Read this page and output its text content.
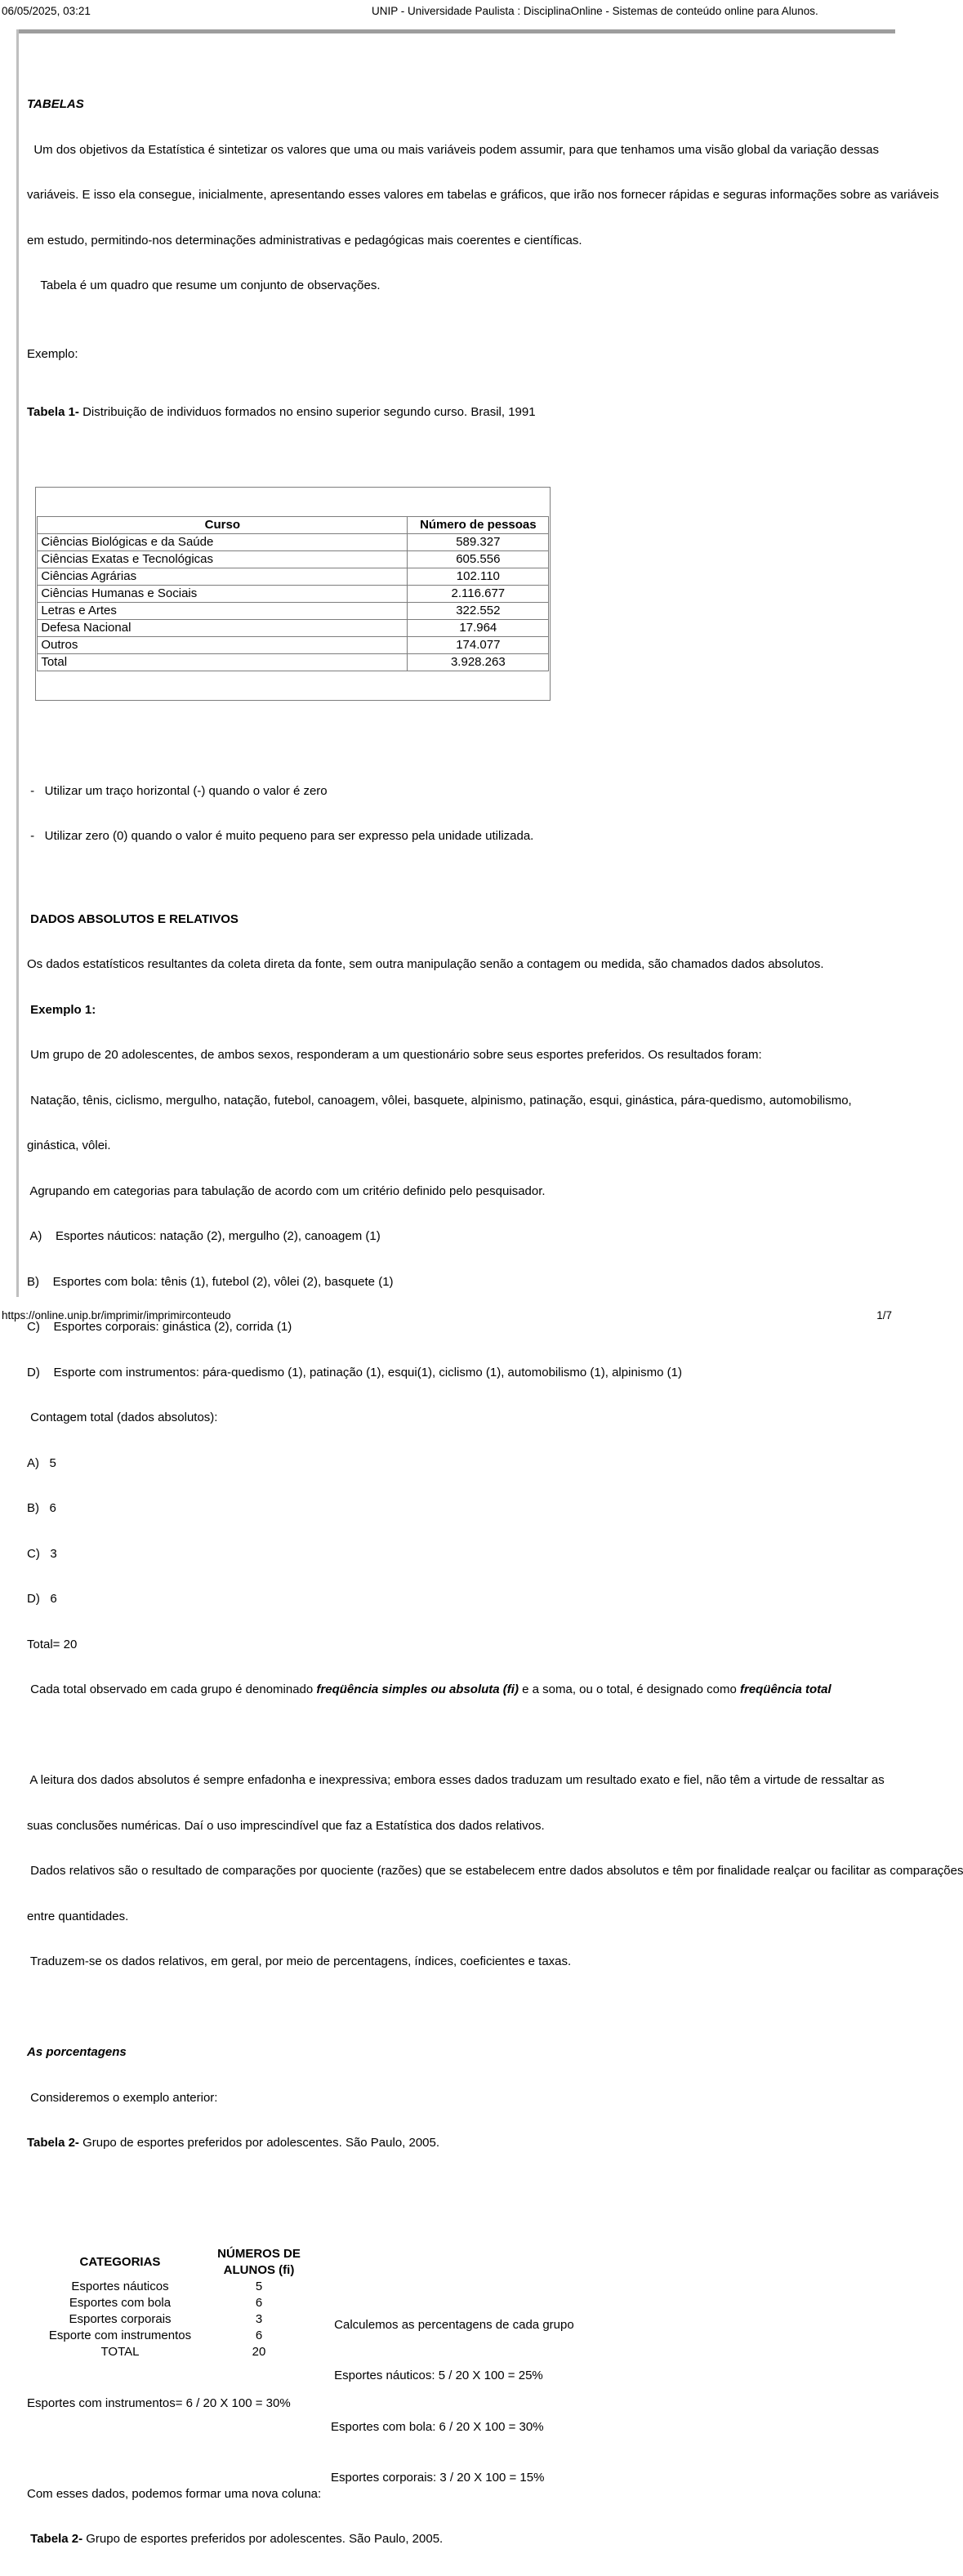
06/05/2025, 03:21	UNIP - Universidade Paulista : DisciplinaOnline - Sistemas de conteúdo online para Alunos.

TABELAS

Um dos objetivos da Estatística é sintetizar os valores que uma ou mais variáveis podem assumir, para que tenhamos uma visão global da variação dessas

variáveis. E isso ela consegue, inicialmente, apresentando esses valores em tabelas e gráficos, que irão nos fornecer rápidas e seguras informações sobre as variáveis

em estudo, permitindo-nos determinações administrativas e pedagógicas mais coerentes e científicas.

Tabela é um quadro que resume um conjunto de observações.

Exemplo:

Tabela 1- Distribuição de individuos formados no ensino superior segundo curso. Brasil, 1991

Curso	Número de pessoas
Ciências Biológicas e da Saúde	589.327
Ciências Exatas e Tecnológicas	605.556
Ciências Agrárias	102.110
Ciências Humanas e Sociais	2.116.677
Letras e Artes	322.552
Defesa Nacional	17.964
Outros	174.077
Total	3.928.263

-   Utilizar um traço horizontal (-) quando o valor é zero

-   Utilizar zero (0) quando o valor é muito pequeno para ser expresso pela unidade utilizada.

DADOS ABSOLUTOS E RELATIVOS

Os dados estatísticos resultantes da coleta direta da fonte, sem outra manipulação senão a contagem ou medida, são chamados dados absolutos.

Exemplo 1:

Um grupo de 20 adolescentes, de ambos sexos, responderam a um questionário sobre seus esportes preferidos. Os resultados foram:

Natação, tênis, ciclismo, mergulho, natação, futebol, canoagem, vôlei, basquete, alpinismo, patinação, esqui, ginástica, pára-quedismo, automobilismo,

ginástica, vôlei.

Agrupando em categorias para tabulação de acordo com um critério definido pelo pesquisador.

A)    Esportes náuticos: natação (2), mergulho (2), canoagem (1)

B)    Esportes com bola: tênis (1), futebol (2), vôlei (2), basquete (1)

C)    Esportes corporais: ginástica (2), corrida (1)

D)    Esporte com instrumentos: pára-quedismo (1), patinação (1), esqui(1), ciclismo (1), automobilismo (1), alpinismo (1)

Contagem total (dados absolutos):

A)   5

B)   6

C)   3

D)   6

Total= 20

Cada total observado em cada grupo é denominado freqüência simples ou absoluta (fi) e a soma, ou o total, é designado como freqüência total

A leitura dos dados absolutos é sempre enfadonha e inexpressiva; embora esses dados traduzam um resultado exato e fiel, não têm a virtude de ressaltar as

suas conclusões numéricas. Daí o uso imprescindível que faz a Estatística dos dados relativos.

Dados relativos são o resultado de comparações por quociente (razões) que se estabelecem entre dados absolutos e têm por finalidade realçar ou facilitar as comparações

entre quantidades.

Traduzem-se os dados relativos, em geral, por meio de percentagens, índices, coeficientes e taxas.

As porcentagens

Consideremos o exemplo anterior:

Tabela 2- Grupo de esportes preferidos por adolescentes. São Paulo, 2005.

CATEGORIAS	NÚMEROS DE
ALUNOS (fi)
Esportes náuticos	5
Esportes com bola	6
Esportes corporais	3
Esporte com instrumentos	6
TOTAL	20

Calculemos as percentagens de cada grupo

Esportes náuticos: 5 / 20 X 100 = 25%

Esportes com bola: 6 / 20 X 100 = 30%

Esportes corporais: 3 / 20 X 100 = 15%

Esportes com instrumentos= 6 / 20 X 100 = 30%

Com esses dados, podemos formar uma nova coluna:

Tabela 2- Grupo de esportes preferidos por adolescentes. São Paulo, 2005.

https://online.unip.br/imprimir/imprimirconteudo	1/7
